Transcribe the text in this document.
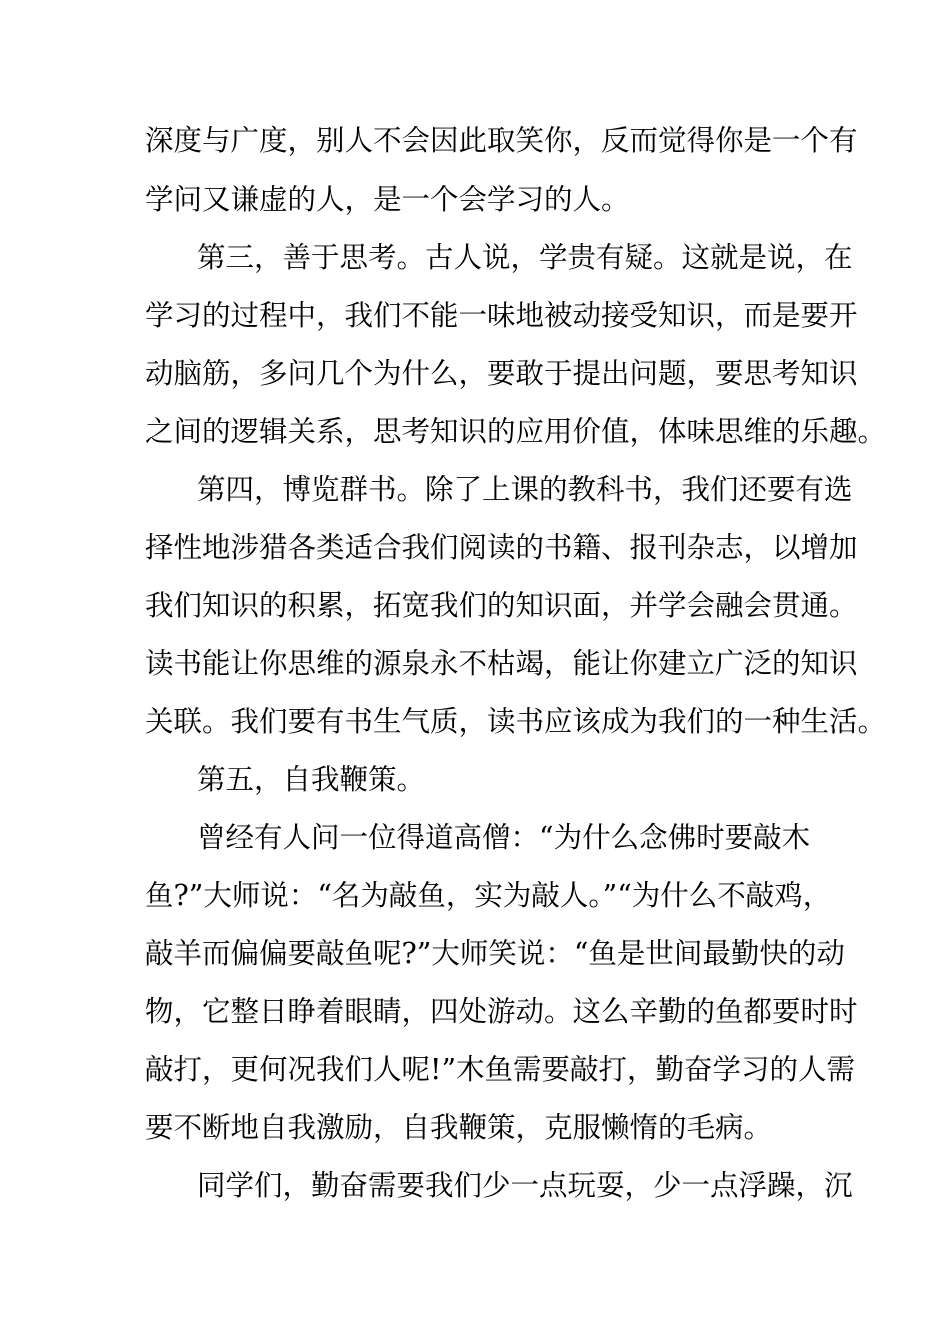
深度与广度，别人不会因此取笑你，反而觉得你是一个有
学问又谦虚的人，是一个会学习的人。
第三，善于思考。古人说，学贵有疑。这就是说，在
学习的过程中，我们不能一味地被动接受知识，而是要开
动脑筋，多问几个为什么，要敢于提出问题，要思考知识
之间的逻辑关系，思考知识的应用价值，体味思维的乐趣。
第四，博览群书。除了上课的教科书，我们还要有选
择性地涉猎各类适合我们阅读的书籍、报刊杂志，以增加
我们知识的积累，拓宽我们的知识面，并学会融会贯通。
读书能让你思维的源泉永不枯竭，能让你建立广泛的知识
关联。我们要有书生气质，读书应该成为我们的一种生活。
第五，自我鞭策。
曾经有人问一位得道高僧：“为什么念佛时要敲木
鱼?”大师说：“名为敲鱼，实为敲人。”“为什么不敲鸡，
敲羊而偏偏要敲鱼呢?”大师笑说：“鱼是世间最勤快的动
物，它整日睁着眼睛，四处游动。这么辛勤的鱼都要时时
敲打，更何况我们人呢!”木鱼需要敲打，勤奋学习的人需
要不断地自我激励，自我鞭策，克服懒惰的毛病。
同学们，勤奋需要我们少一点玩耍，少一点浮躁，沉
